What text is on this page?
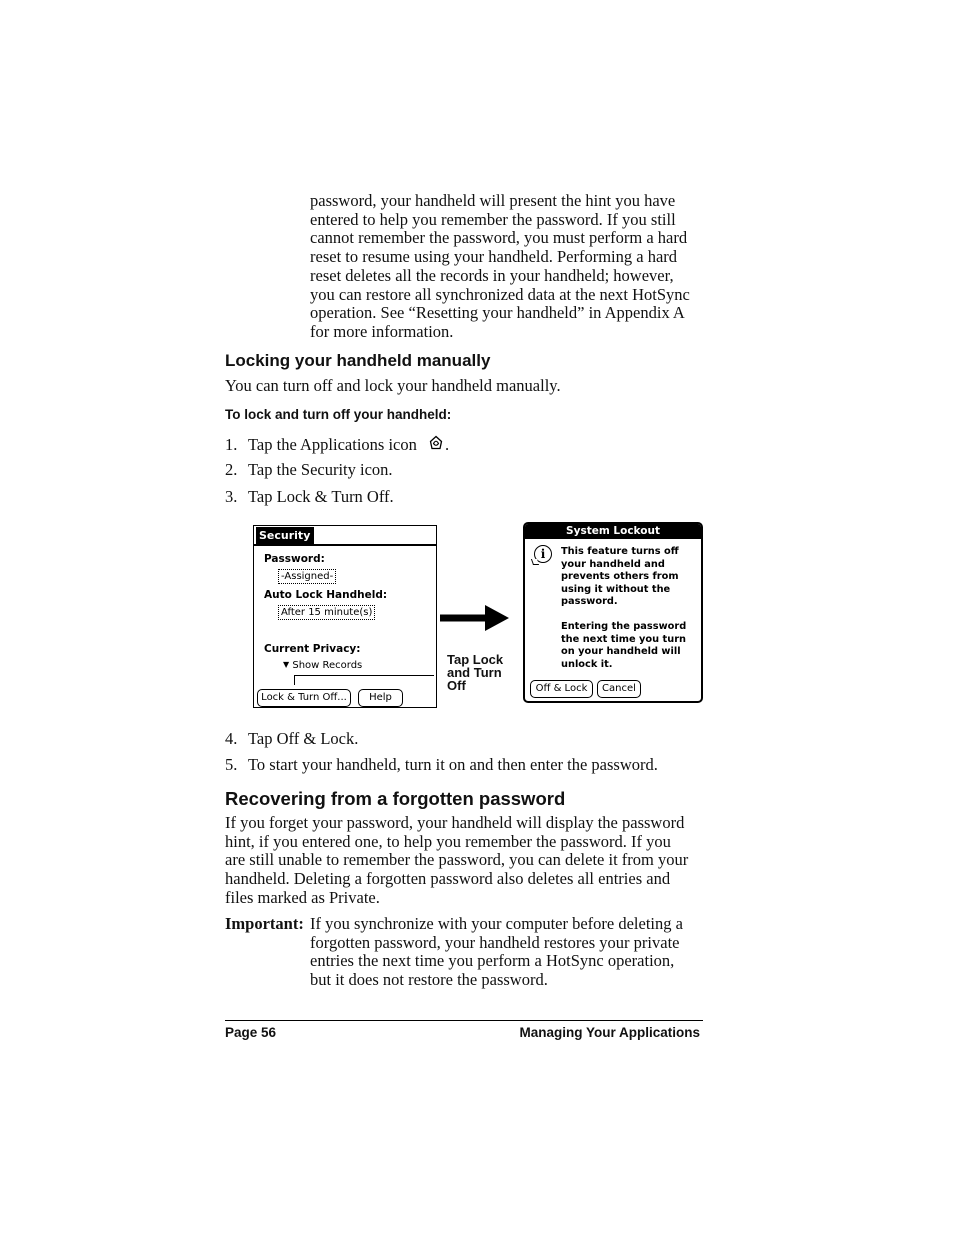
password, your handheld will present the hint you have

entered to help you remember the password. If you still

cannot remember the password, you must perform a hard

reset to resume using your handheld. Performing a hard

reset deletes all the records in your handheld; however,

you can restore all synchronized data at the next HotSync

operation. See “Resetting your handheld” in Appendix A

for more information.

Locking your handheld manually
You can turn off and lock your handheld manually.
To lock and turn off your handheld:
1. Tap the Applications icon .
2. Tap the Security icon.
3. Tap Lock & Turn Off.
Security
Password:
-Assigned-
Auto Lock Handheld:
After 15 minute(s)
Current Privacy:
▼ Show Records
Lock & Turn Off...	Help

Tap Lock

and Turn

Off

System Lockout
i	This feature turns off

your handheld and

prevents others from

using it without the

password.

Entering the password

the next time you turn

on your handheld will

unlock it.

Off & Lock	Cancel
4. Tap Off & Lock.
5. To start your handheld, turn it on and then enter the password.
Recovering from a forgotten password

If you forget your password, your handheld will display the password

hint, if you entered one, to help you remember the password. If you

are still unable to remember the password, you can delete it from your

handheld. Deleting a forgotten password also deletes all entries and

files marked as Private.

Important: If you synchronize with your computer before deleting a

forgotten password, your handheld restores your private

entries the next time you perform a HotSync operation,

but it does not restore the password.

Page 56	Managing Your Applications
